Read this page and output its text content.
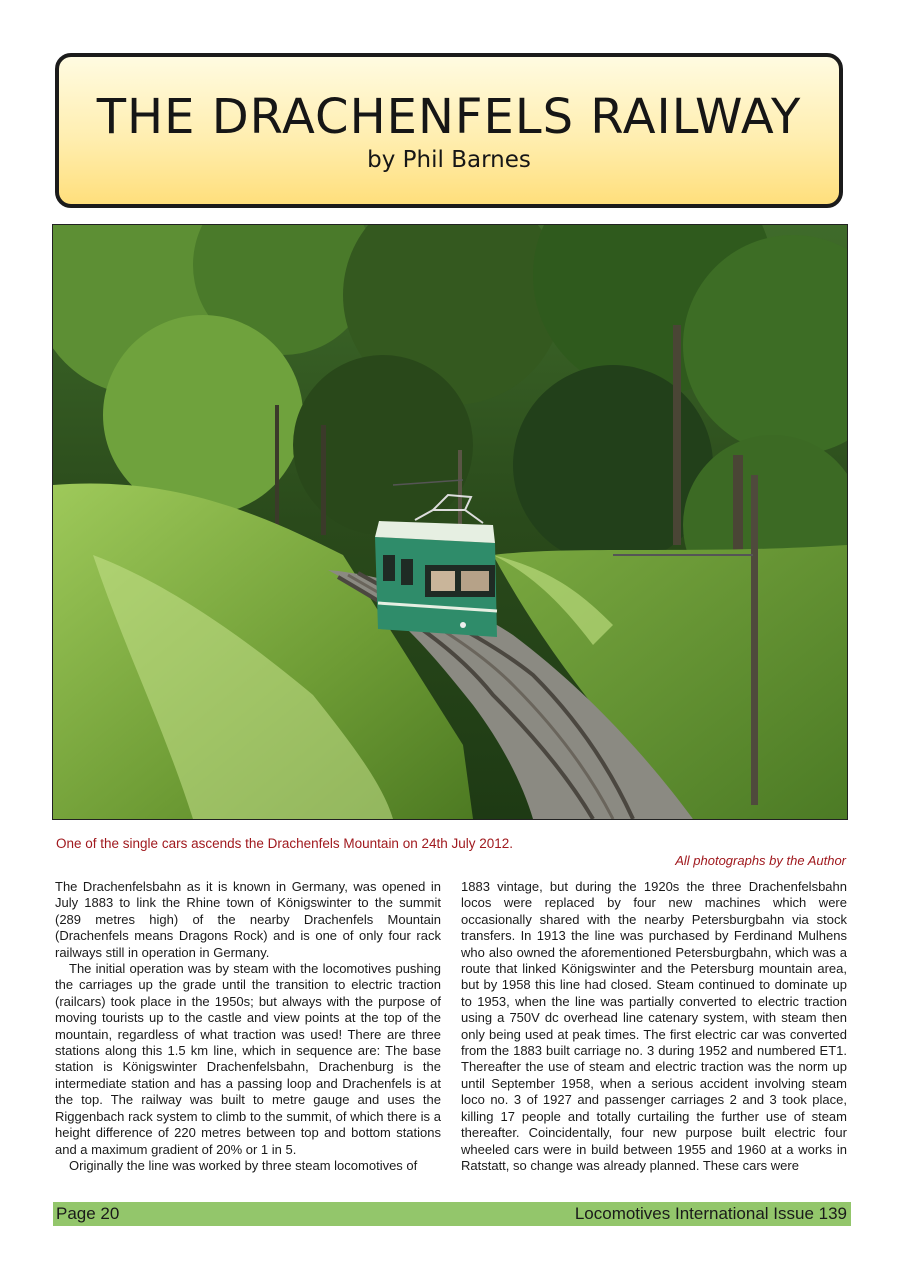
THE DRACHENFELS RAILWAY
by Phil Barnes
One of the single cars ascends the Drachenfels Mountain on 24th July 2012.
All photographs by the Author

The Drachenfelsbahn as it is known in Germany, was opened in July 1883 to link the Rhine town of Königswinter to the summit (289 metres high) of the nearby Drachenfels Mountain (Drachenfels means Dragons Rock) and is one of only four rack railways still in operation in Germany.

The initial operation was by steam with the locomotives pushing the carriages up the grade until the transition to electric traction (railcars) took place in the 1950s; but always with the purpose of moving tourists up to the castle and view points at the top of the mountain, regardless of what traction was used! There are three stations along this 1.5 km line, which in sequence are: The base station is Königswinter Drachenfelsbahn, Drachenburg is the intermediate station and has a passing loop and Drachenfels is at the top. The railway was built to metre gauge and uses the Riggenbach rack system to climb to the summit, of which there is a height difference of 220 metres between top and bottom stations and a maximum gradient of 20% or 1 in 5.

Originally the line was worked by three steam locomotives of

1883 vintage, but during the 1920s the three Drachenfelsbahn locos were replaced by four new machines which were occasionally shared with the nearby Petersburgbahn via stock transfers. In 1913 the line was purchased by Ferdinand Mulhens who also owned the aforementioned Petersburgbahn, which was a route that linked Königswinter and the Petersburg mountain area, but by 1958 this line had closed. Steam continued to dominate up to 1953, when the line was partially converted to electric traction using a 750V dc overhead line catenary system, with steam then only being used at peak times. The first electric car was converted from the 1883 built carriage no. 3 during 1952 and numbered ET1. Thereafter the use of steam and electric traction was the norm up until September 1958, when a serious accident involving steam loco no. 3 of 1927 and passenger carriages 2 and 3 took place, killing 17 people and totally curtailing the further use of steam thereafter. Coincidentally, four new purpose built electric four wheeled cars were in build between 1955 and 1960 at a works in Ratstatt, so change was already planned. These cars were

Page 20	Locomotives International Issue 139
